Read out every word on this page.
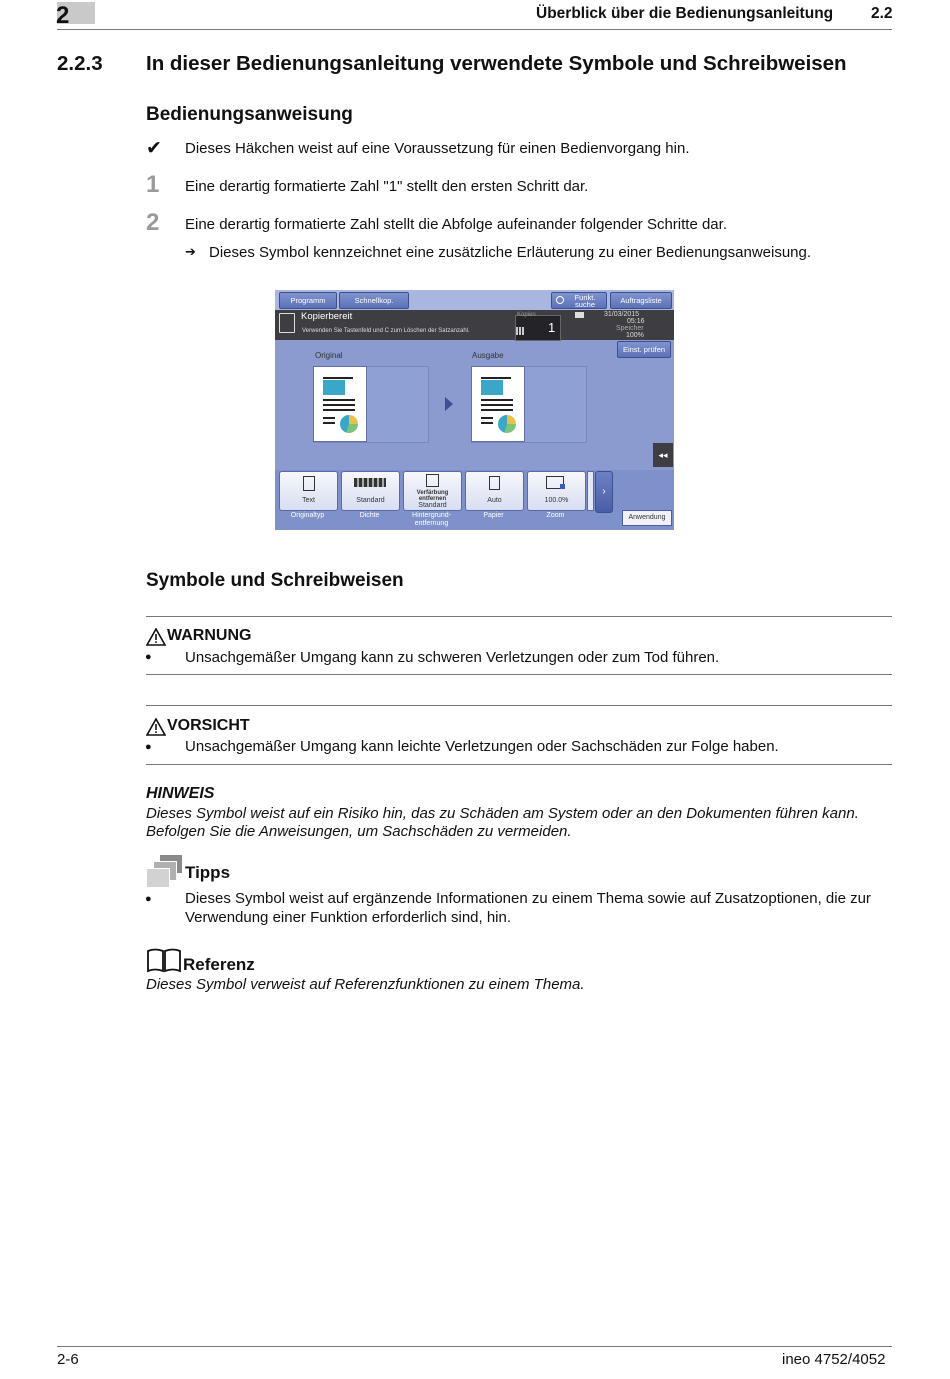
2	Überblick über die Bedienungsanleitung 2.2
2.2.3 In dieser Bedienungsanleitung verwendete Symbole und Schreibweisen
Bedienungsanweisung
✔ Dieses Häkchen weist auf eine Voraussetzung für einen Bedienvorgang hin.
1 Eine derartig formatierte Zahl "1" stellt den ersten Schritt dar.
2 Eine derartig formatierte Zahl stellt die Abfolge aufeinander folgender Schritte dar.
➔ Dieses Symbol kennzeichnet eine zusätzliche Erläuterung zu einer Bedienungsanweisung.
Programm	Schnellkop.	Funkt.
suche	Auftragsliste
Kopierbereit
Verwenden Sie Tastenfeld und C zum Löschen der Satzanzahl.
Kopien
1
31/03/2015
05:16
Speicher
100%
Einst. prüfen
Original	Ausgabe
◂◂
Text	Standard
Verfärbung
entfernen
Standard
Auto	100.0%
›
Originaltyp	Dichte	Hintergrund-
entfernung
Papier	Zoom	Anwendung
Symbole und Schreibweisen
WARNUNG
● Unsachgemäßer Umgang kann zu schweren Verletzungen oder zum Tod führen.
VORSICHT
● Unsachgemäßer Umgang kann leichte Verletzungen oder Sachschäden zur Folge haben.
HINWEIS
Dieses Symbol weist auf ein Risiko hin, das zu Schäden am System oder an den Dokumenten führen kann.
Befolgen Sie die Anweisungen, um Sachschäden zu vermeiden.
Tipps
● Dieses Symbol weist auf ergänzende Informationen zu einem Thema sowie auf Zusatzoptionen, die zur
Verwendung einer Funktion erforderlich sind, hin.
Referenz
Dieses Symbol verweist auf Referenzfunktionen zu einem Thema.
2-6	ineo 4752/4052
